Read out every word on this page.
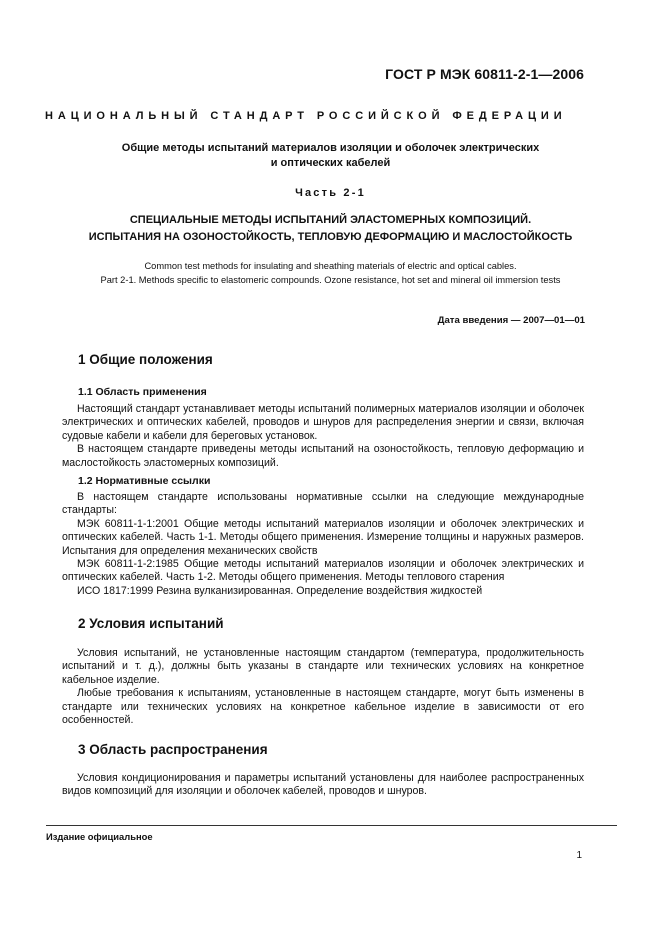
ГОСТ Р МЭК 60811-2-1—2006
НАЦИОНАЛЬНЫЙ СТАНДАРТ РОССИЙСКОЙ ФЕДЕРАЦИИ
Общие методы испытаний материалов изоляции и оболочек электрических
и оптических кабелей
Часть 2-1
СПЕЦИАЛЬНЫЕ МЕТОДЫ ИСПЫТАНИЙ ЭЛАСТОМЕРНЫХ КОМПОЗИЦИЙ.
ИСПЫТАНИЯ НА ОЗОНОСТОЙКОСТЬ, ТЕПЛОВУЮ ДЕФОРМАЦИЮ И МАСЛОСТОЙКОСТЬ
Common test methods for insulating and sheathing materials of electric and optical cables.
Part 2-1. Methods specific to elastomeric compounds. Ozone resistance, hot set and mineral oil immersion tests
Дата введения — 2007—01—01
1 Общие положения
1.1 Область применения

Настоящий стандарт устанавливает методы испытаний полимерных материалов изоляции и оболочек электрических и оптических кабелей, проводов и шнуров для распределения энергии и связи, включая судовые кабели и кабели для береговых установок.

В настоящем стандарте приведены методы испытаний на озоностойкость, тепловую деформацию и маслостойкость эластомерных композиций.

1.2 Нормативные ссылки

В настоящем стандарте использованы нормативные ссылки на следующие международные стандарты:

МЭК 60811-1-1:2001 Общие методы испытаний материалов изоляции и оболочек электрических и оптических кабелей. Часть 1-1. Методы общего применения. Измерение толщины и наружных размеров. Испытания для определения механических свойств

МЭК 60811-1-2:1985 Общие методы испытаний материалов изоляции и оболочек электрических и оптических кабелей. Часть 1-2. Методы общего применения. Методы теплового старения

ИСО 1817:1999 Резина вулканизированная. Определение воздействия жидкостей

2 Условия испытаний

Условия испытаний, не установленные настоящим стандартом (температура, продолжительность испытаний и т. д.), должны быть указаны в стандарте или технических условиях на конкретное кабельное изделие.

Любые требования к испытаниям, установленные в настоящем стандарте, могут быть изменены в стандарте или технических условиях на конкретное кабельное изделие в зависимости от его особенностей.

3 Область распространения

Условия кондиционирования и параметры испытаний установлены для наиболее распространенных видов композиций для изоляции и оболочек кабелей, проводов и шнуров.

Издание официальное
1
